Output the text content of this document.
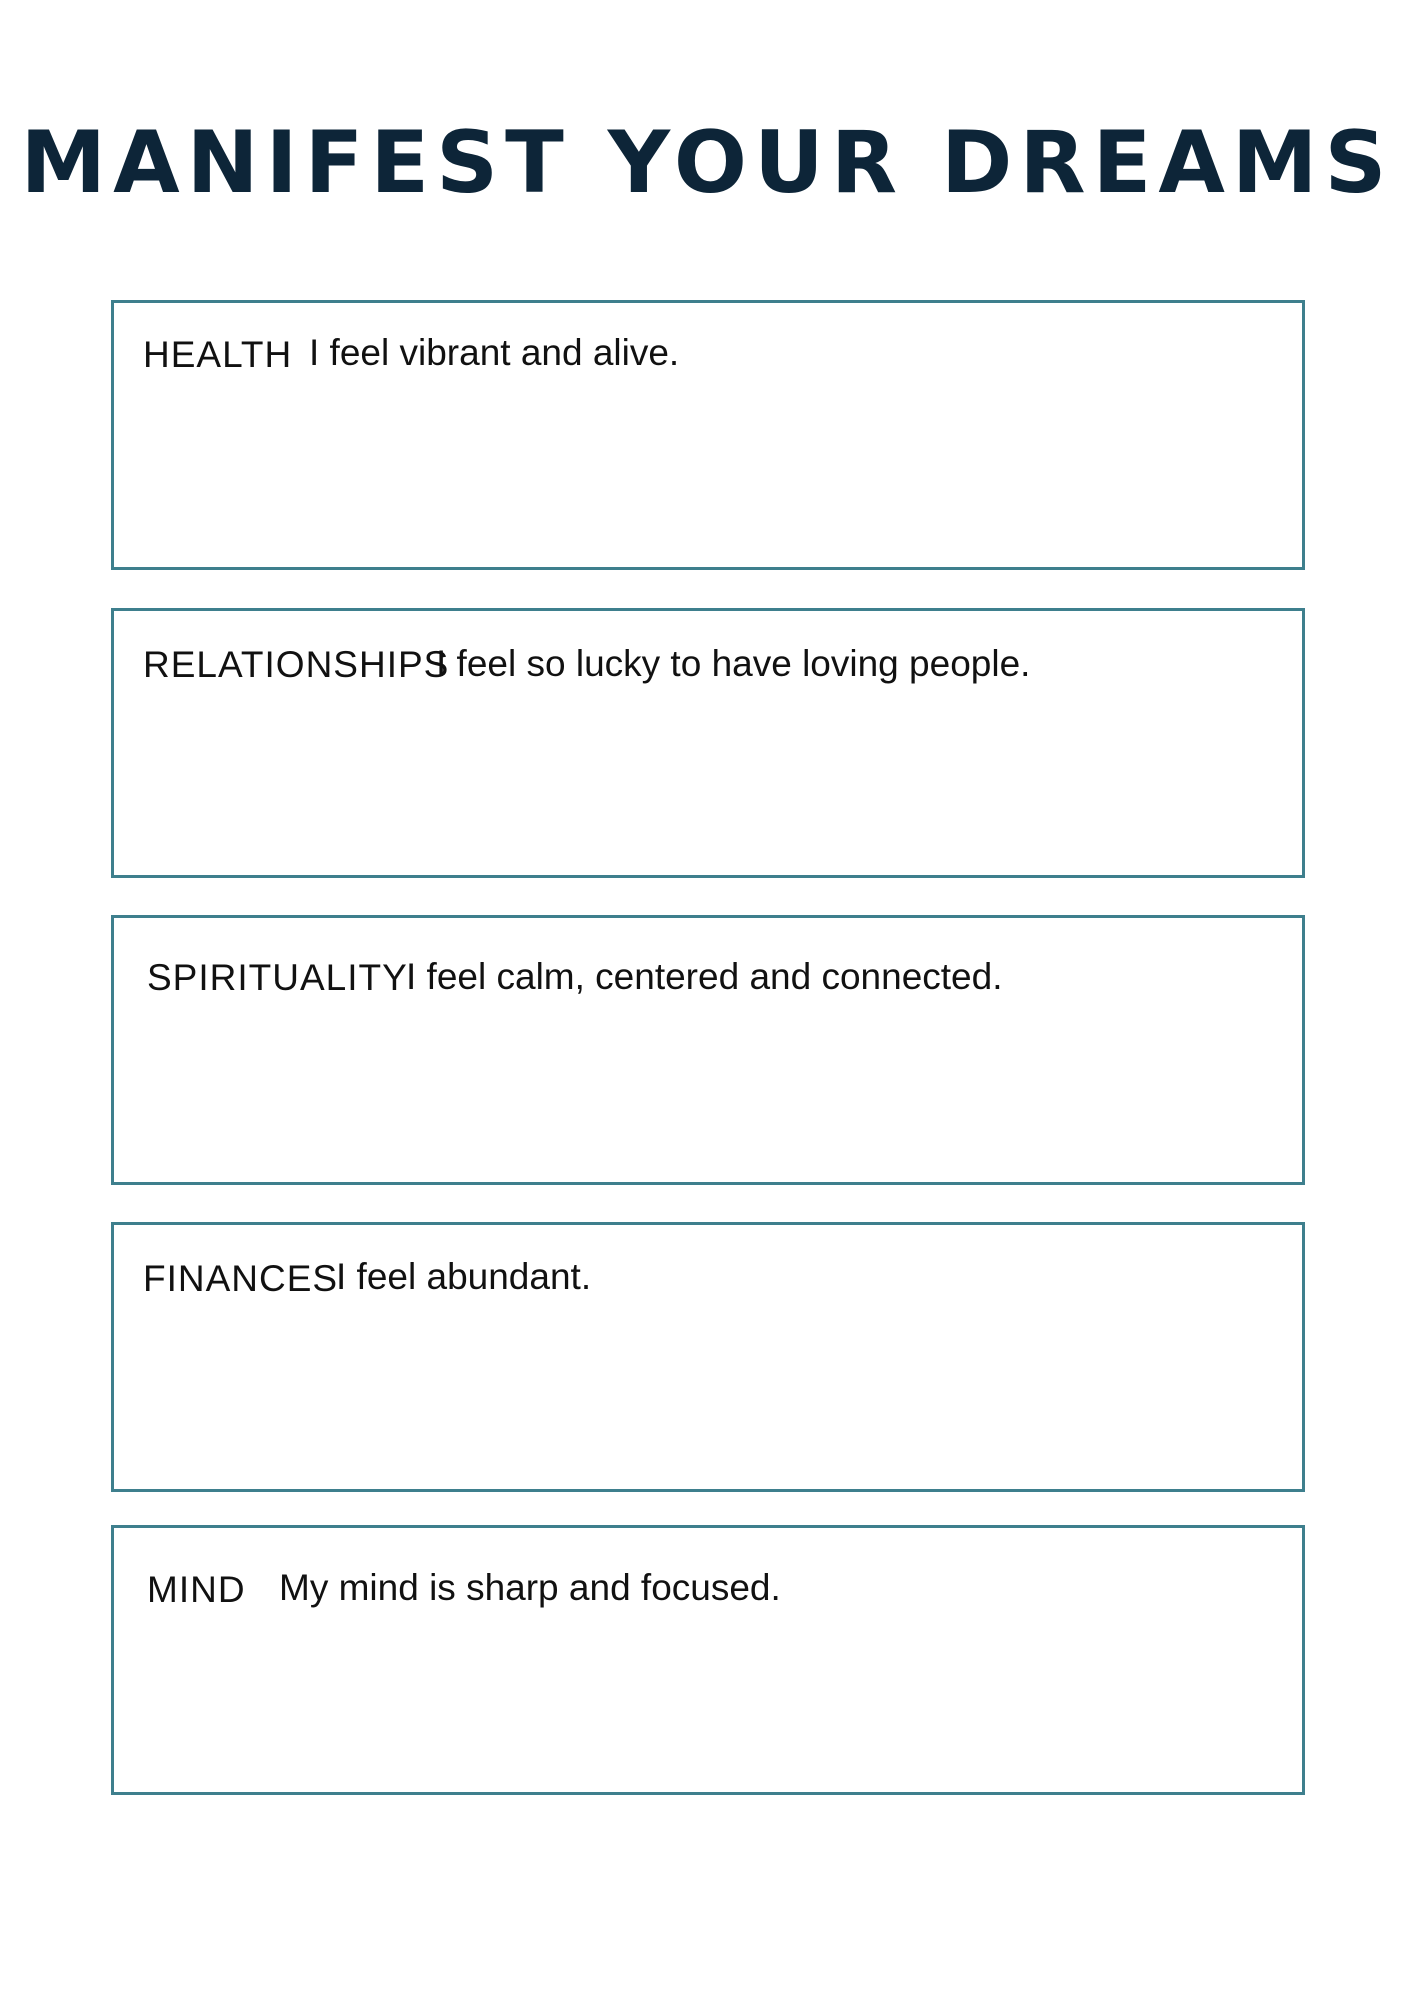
MANIFEST YOUR DREAMS
HEALTH I feel vibrant and alive.
RELATIONSHIPS
I feel so lucky to have loving people.
SPIRITUALITY
I feel calm, centered and connected.
FINANCES
I feel abundant.
MIND My mind is sharp and focused.
